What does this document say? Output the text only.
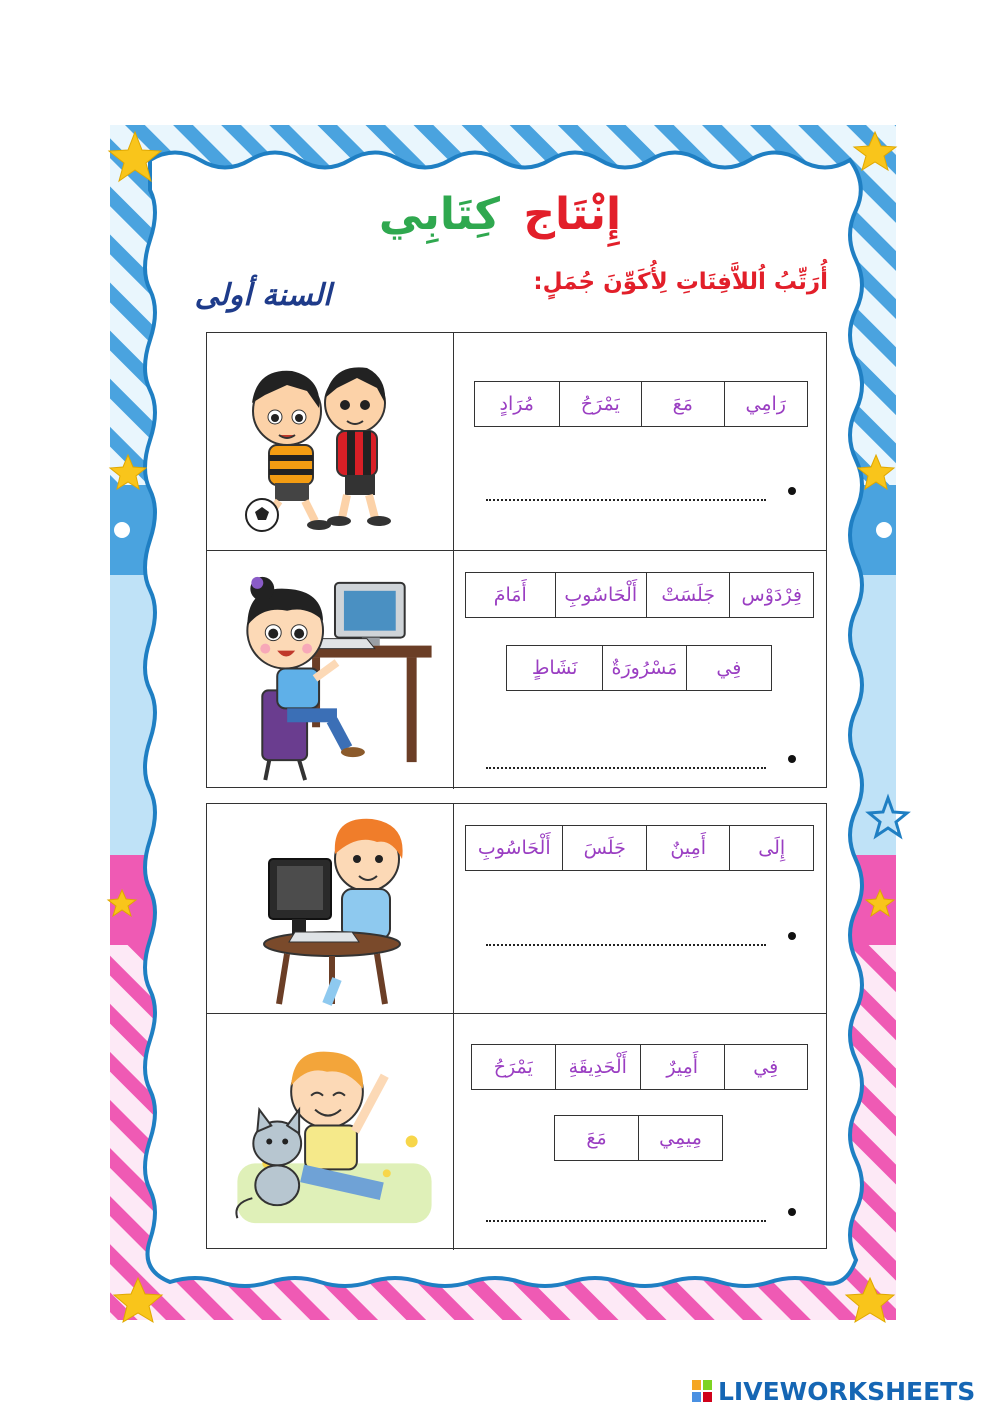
إِنْتَاج كِتَابِي
أُرَتِّبُ اُللاَّفِتَاتِ لِأُكَوِّنَ جُمَلٍ:
السنة أولى
رَامِي
مَعَ
يَمْرَحُ
مُرَادٍ
فِرْدَوْس
جَلَسَتْ
أَلْحَاسُوبِ
أَمَامَ
فِي
مَسْرُورَةٌ
نَشَاطٍ
إِلَى
أَمِينٌ
جَلَسَ
أَلْحَاسُوبِ
فِي
أَمِيرٌ
أَلْحَدِيقَةِ
يَمْرَحُ
مِيمِي
مَعَ
LIVEWORKSHEETS
